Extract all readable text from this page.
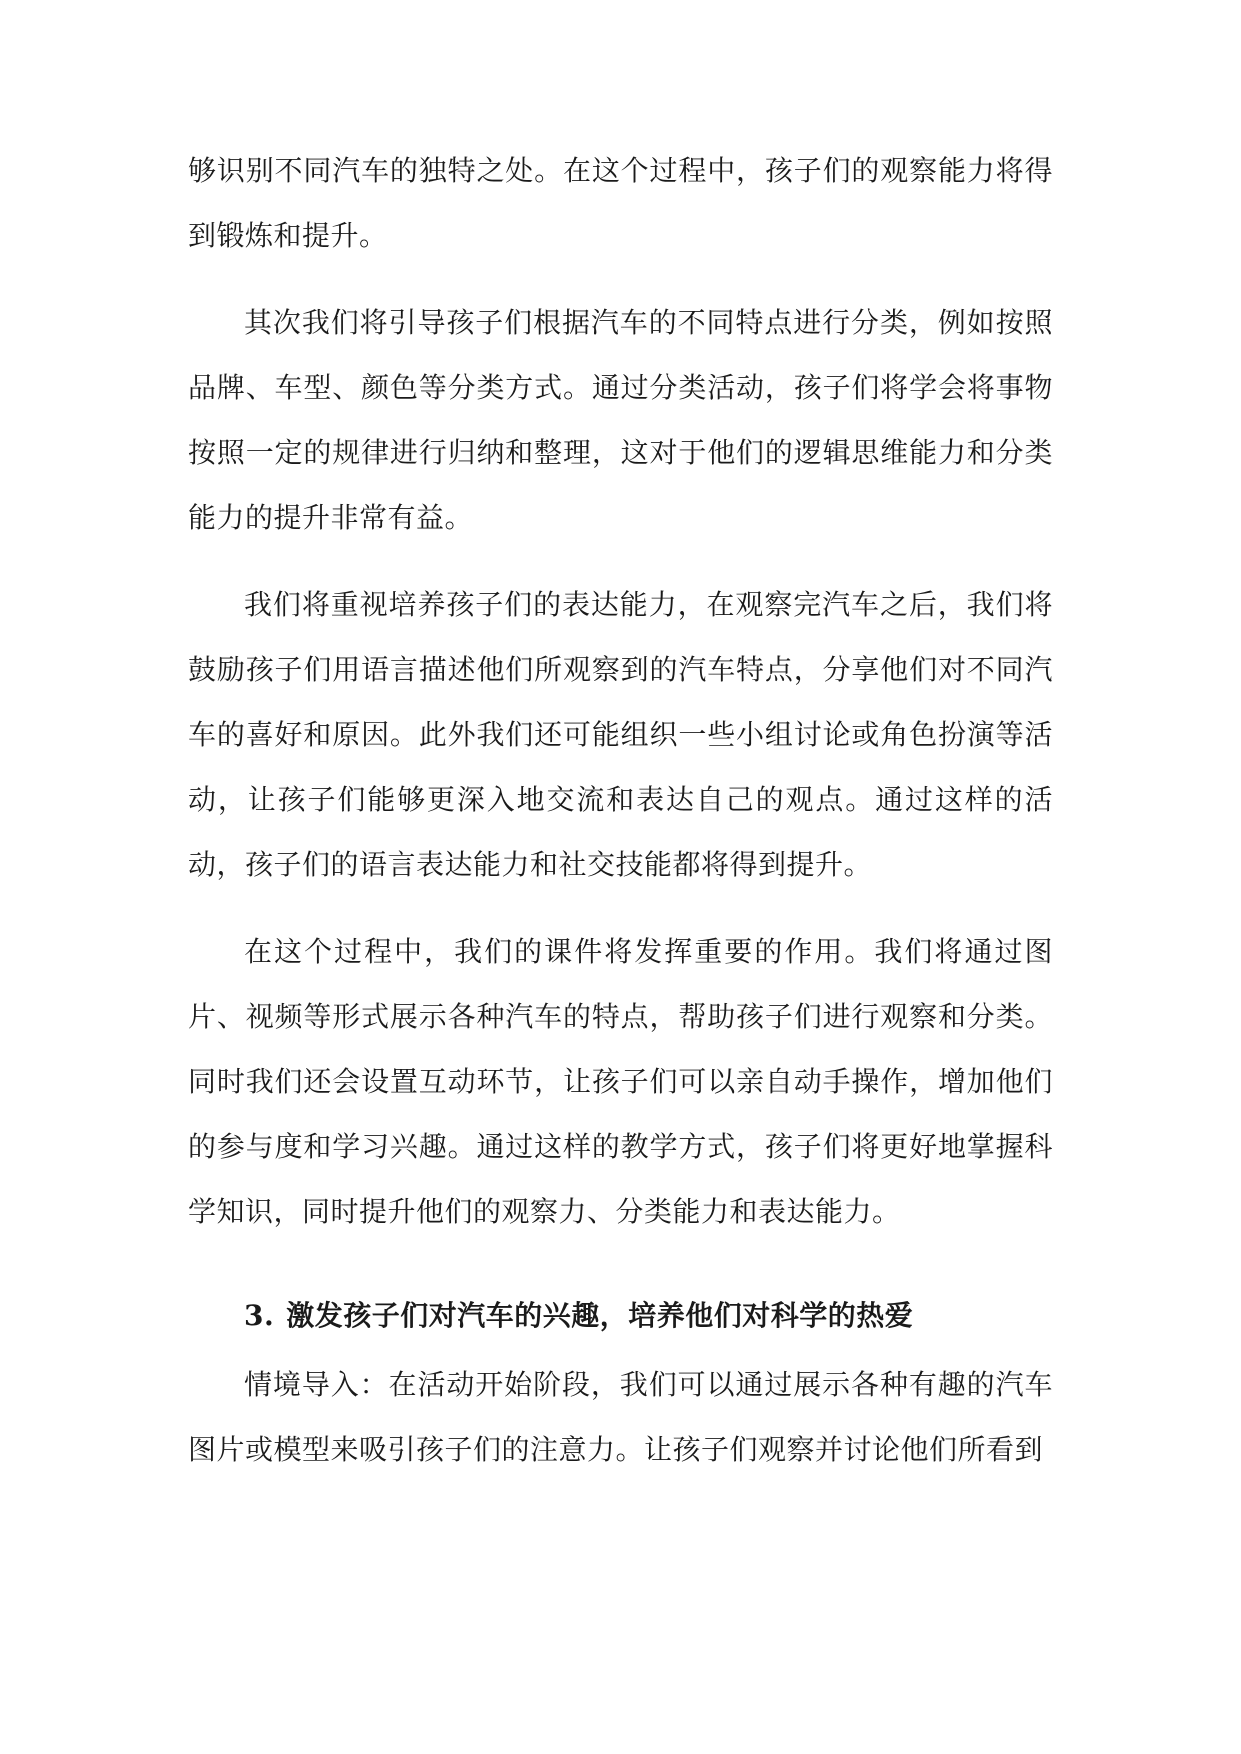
够识别不同汽车的独特之处。在这个过程中，孩子们的观察能力将得到锻炼和提升。

其次我们将引导孩子们根据汽车的不同特点进行分类，例如按照品牌、车型、颜色等分类方式。通过分类活动，孩子们将学会将事物按照一定的规律进行归纳和整理，这对于他们的逻辑思维能力和分类能力的提升非常有益。

我们将重视培养孩子们的表达能力，在观察完汽车之后，我们将鼓励孩子们用语言描述他们所观察到的汽车特点，分享他们对不同汽车的喜好和原因。此外我们还可能组织一些小组讨论或角色扮演等活动，让孩子们能够更深入地交流和表达自己的观点。通过这样的活动，孩子们的语言表达能力和社交技能都将得到提升。

在这个过程中，我们的课件将发挥重要的作用。我们将通过图片、视频等形式展示各种汽车的特点，帮助孩子们进行观察和分类。同时我们还会设置互动环节，让孩子们可以亲自动手操作，增加他们的参与度和学习兴趣。通过这样的教学方式，孩子们将更好地掌握科学知识，同时提升他们的观察力、分类能力和表达能力。

3. 激发孩子们对汽车的兴趣，培养他们对科学的热爱

情境导入：在活动开始阶段，我们可以通过展示各种有趣的汽车图片或模型来吸引孩子们的注意力。让孩子们观察并讨论他们所看到
